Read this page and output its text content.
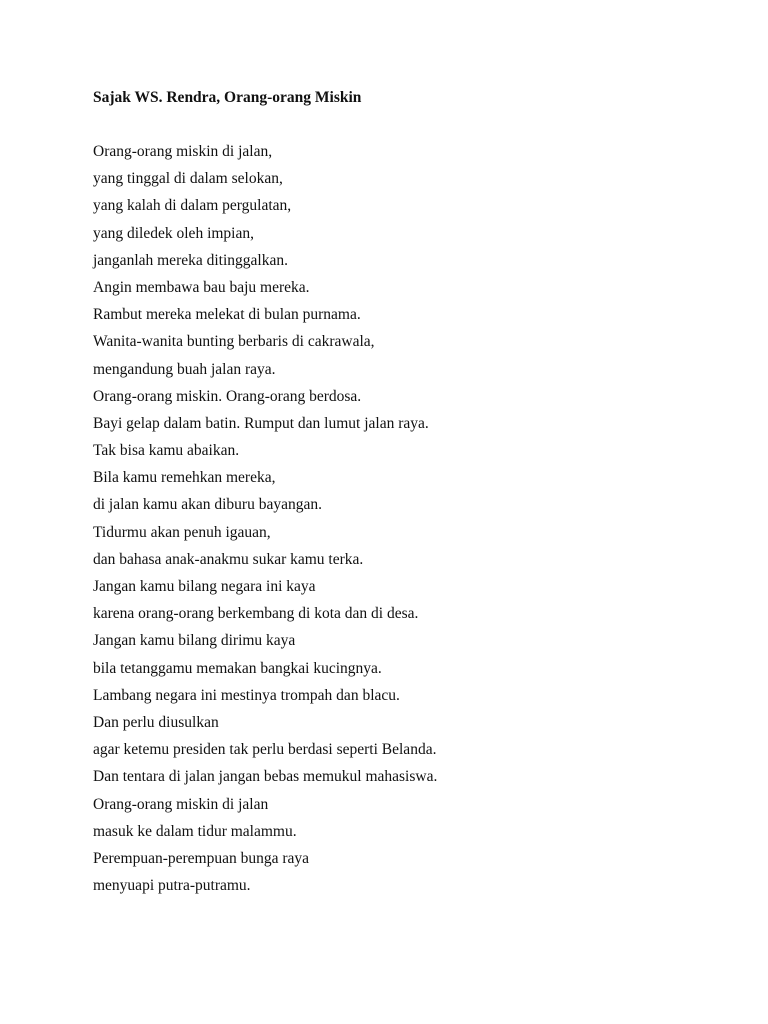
Sajak WS. Rendra, Orang-orang Miskin
Orang-orang miskin di jalan,
yang tinggal di dalam selokan,
yang kalah di dalam pergulatan,
yang diledek oleh impian,
janganlah mereka ditinggalkan.
Angin membawa bau baju mereka.
Rambut mereka melekat di bulan purnama.
Wanita-wanita bunting berbaris di cakrawala,
mengandung buah jalan raya.
Orang-orang miskin. Orang-orang berdosa.
Bayi gelap dalam batin. Rumput dan lumut jalan raya.
Tak bisa kamu abaikan.
Bila kamu remehkan mereka,
di jalan kamu akan diburu bayangan.
Tidurmu akan penuh igauan,
dan bahasa anak-anakmu sukar kamu terka.
Jangan kamu bilang negara ini kaya
karena orang-orang berkembang di kota dan di desa.
Jangan kamu bilang dirimu kaya
bila tetanggamu memakan bangkai kucingnya.
Lambang negara ini mestinya trompah dan blacu.
Dan perlu diusulkan
agar ketemu presiden tak perlu berdasi seperti Belanda.
Dan tentara di jalan jangan bebas memukul mahasiswa.
Orang-orang miskin di jalan
masuk ke dalam tidur malammu.
Perempuan-perempuan bunga raya
menyuapi putra-putramu.
